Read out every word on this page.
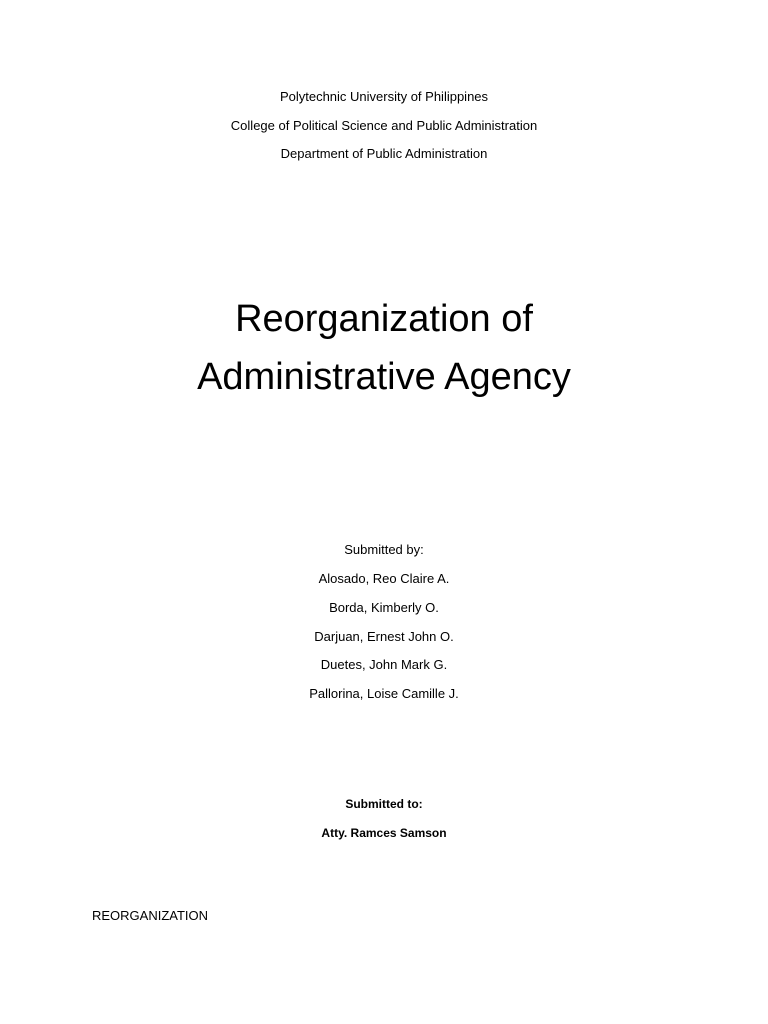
Polytechnic University of Philippines
College of Political Science and Public Administration
Department of Public Administration
Reorganization of
Administrative Agency
Submitted by:
Alosado, Reo Claire A.
Borda, Kimberly O.
Darjuan, Ernest John O.
Duetes, John Mark G.
Pallorina, Loise Camille J.
Submitted to:
Atty. Ramces Samson
REORGANIZATION
